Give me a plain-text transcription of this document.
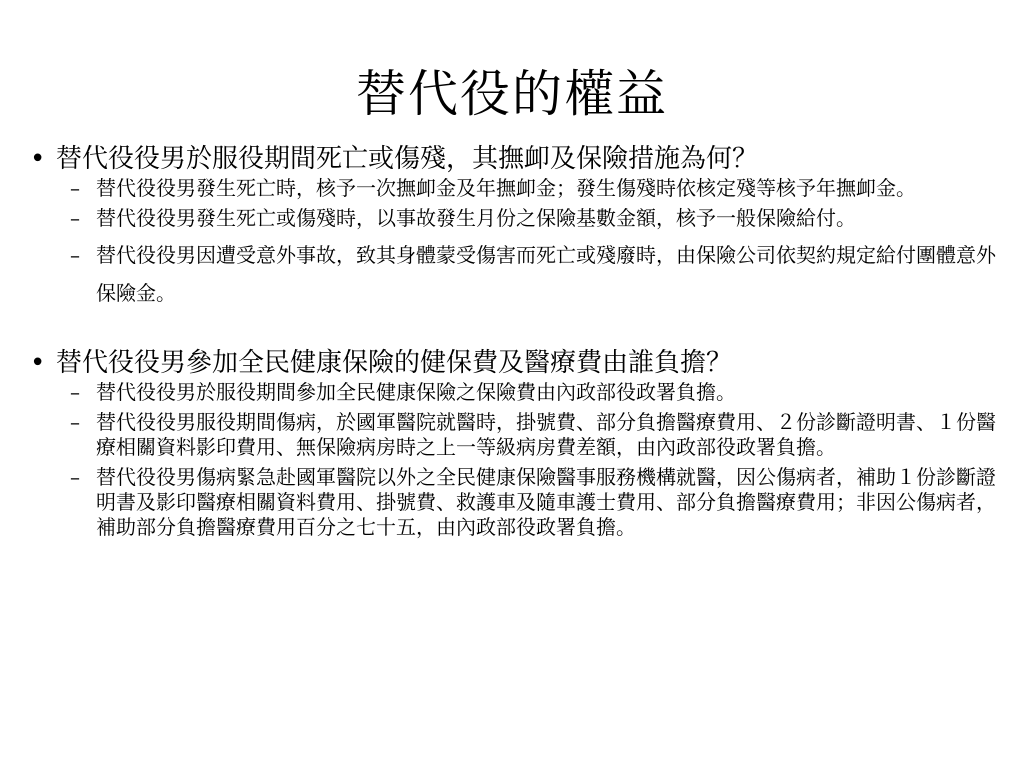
替代役的權益

• 替代役役男於服役期間死亡或傷殘，其撫卹及保險措施為何？

– 替代役役男發生死亡時，核予一次撫卹金及年撫卹金；發生傷殘時依核定殘等核予年撫卹金。

– 替代役役男發生死亡或傷殘時，以事故發生月份之保險基數金額，核予一般保險給付。

– 替代役役男因遭受意外事故，致其身體蒙受傷害而死亡或殘廢時，由保險公司依契約規定給付團體意外保險金。

• 替代役役男參加全民健康保險的健保費及醫療費由誰負擔？

– 替代役役男於服役期間參加全民健康保險之保險費由內政部役政署負擔。

– 替代役役男服役期間傷病，於國軍醫院就醫時，掛號費、部分負擔醫療費用、２份診斷證明書、１份醫療相關資料影印費用、無保險病房時之上一等級病房費差額，由內政部役政署負擔。

– 替代役役男傷病緊急赴國軍醫院以外之全民健康保險醫事服務機構就醫，因公傷病者，補助１份診斷證明書及影印醫療相關資料費用、掛號費、救護車及隨車護士費用、部分負擔醫療費用；非因公傷病者，補助部分負擔醫療費用百分之七十五，由內政部役政署負擔。
